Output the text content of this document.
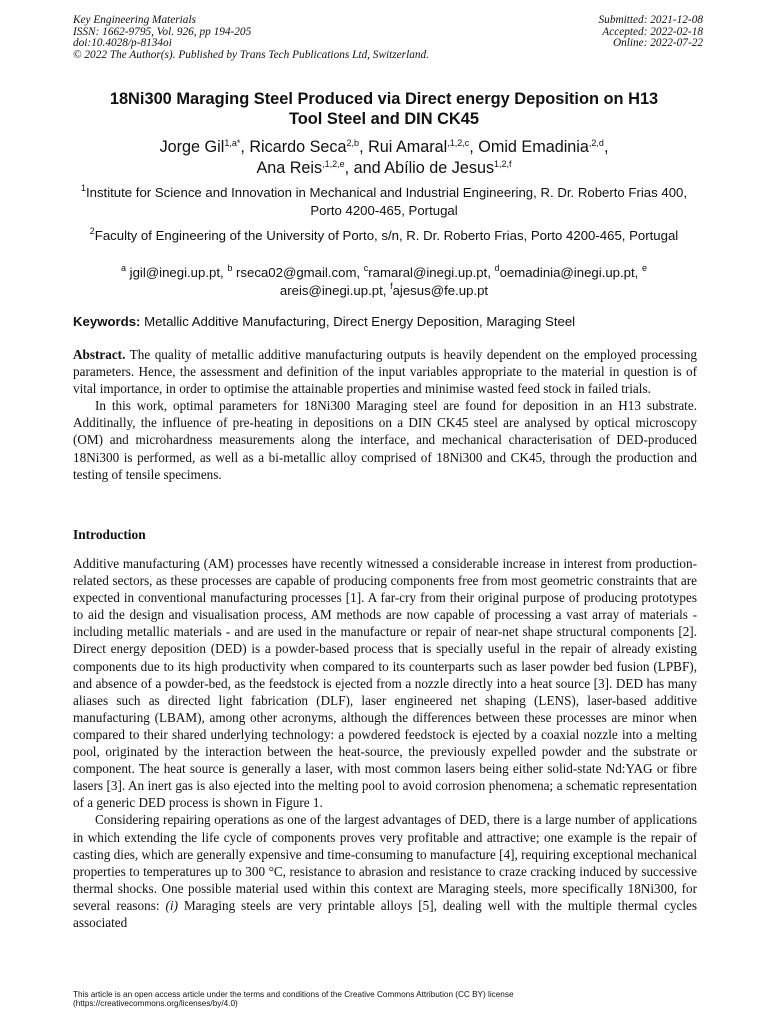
Key Engineering Materials
ISSN: 1662-9795, Vol. 926, pp 194-205
doi:10.4028/p-8134oi
© 2022 The Author(s). Published by Trans Tech Publications Ltd, Switzerland.
Submitted: 2021-12-08
Accepted: 2022-02-18
Online: 2022-07-22
18Ni300 Maraging Steel Produced via Direct energy Deposition on H13
Tool Steel and DIN CK45
Jorge Gil$^{1,a*}$, Ricardo Seca$^{2,b}$, Rui Amaral$^{,1,2,c}$, Omid Emadinia$^{,2,d}$,
Ana Reis$^{,1,2,e}$, and Abílio de Jesus$^{1,2,f}$
$^1$Institute for Science and Innovation in Mechanical and Industrial Engineering, R. Dr. Roberto Frias 400, Porto 4200-465, Portugal
$^2$Faculty of Engineering of the University of Porto, s/n, R. Dr. Roberto Frias, Porto 4200-465, Portugal
$^a$ jgil@inegi.up.pt, $^b$ rseca02@gmail.com, $^c$ramaral@inegi.up.pt, $^d$oemadinia@inegi.up.pt, $^e$
areis@inegi.up.pt, $^f$ajesus@fe.up.pt
Keywords: Metallic Additive Manufacturing, Direct Energy Deposition, Maraging Steel

Abstract. The quality of metallic additive manufacturing outputs is heavily dependent on the employed processing parameters. Hence, the assessment and definition of the input variables appropriate to the material in question is of vital importance, in order to optimise the attainable properties and minimise wasted feed stock in failed trials.

In this work, optimal parameters for 18Ni300 Maraging steel are found for deposition in an H13 substrate. Additinally, the influence of pre-heating in depositions on a DIN CK45 steel are analysed by optical microscopy (OM) and microhardness measurements along the interface, and mechanical characterisation of DED-produced 18Ni300 is performed, as well as a bi-metallic alloy comprised of 18Ni300 and CK45, through the production and testing of tensile specimens.

Introduction

Additive manufacturing (AM) processes have recently witnessed a considerable increase in interest from production-related sectors, as these processes are capable of producing components free from most geometric constraints that are expected in conventional manufacturing processes [1]. A far-cry from their original purpose of producing prototypes to aid the design and visualisation process, AM methods are now capable of processing a vast array of materials - including metallic materials - and are used in the manufacture or repair of near-net shape structural components [2]. Direct energy deposition (DED) is a powder-based process that is specially useful in the repair of already existing components due to its high productivity when compared to its counterparts such as laser powder bed fusion (LPBF), and absence of a powder-bed, as the feedstock is ejected from a nozzle directly into a heat source [3]. DED has many aliases such as directed light fabrication (DLF), laser engineered net shaping (LENS), laser-based additive manufacturing (LBAM), among other acronyms, although the differences between these processes are minor when compared to their shared underlying technology: a powdered feedstock is ejected by a coaxial nozzle into a melting pool, originated by the interaction between the heat-source, the previously expelled powder and the substrate or component. The heat source is generally a laser, with most common lasers being either solid-state Nd:YAG or fibre lasers [3]. An inert gas is also ejected into the melting pool to avoid corrosion phenomena; a schematic representation of a generic DED process is shown in Figure 1.

Considering repairing operations as one of the largest advantages of DED, there is a large number of applications in which extending the life cycle of components proves very profitable and attractive; one example is the repair of casting dies, which are generally expensive and time-consuming to manufacture [4], requiring exceptional mechanical properties to temperatures up to 300 °C, resistance to abrasion and resistance to craze cracking induced by successive thermal shocks. One possible material used within this context are Maraging steels, more specifically 18Ni300, for several reasons: (i) Maraging steels are very printable alloys [5], dealing well with the multiple thermal cycles associated

This article is an open access article under the terms and conditions of the Creative Commons Attribution (CC BY) license
(https://creativecommons.org/licenses/by/4.0)
